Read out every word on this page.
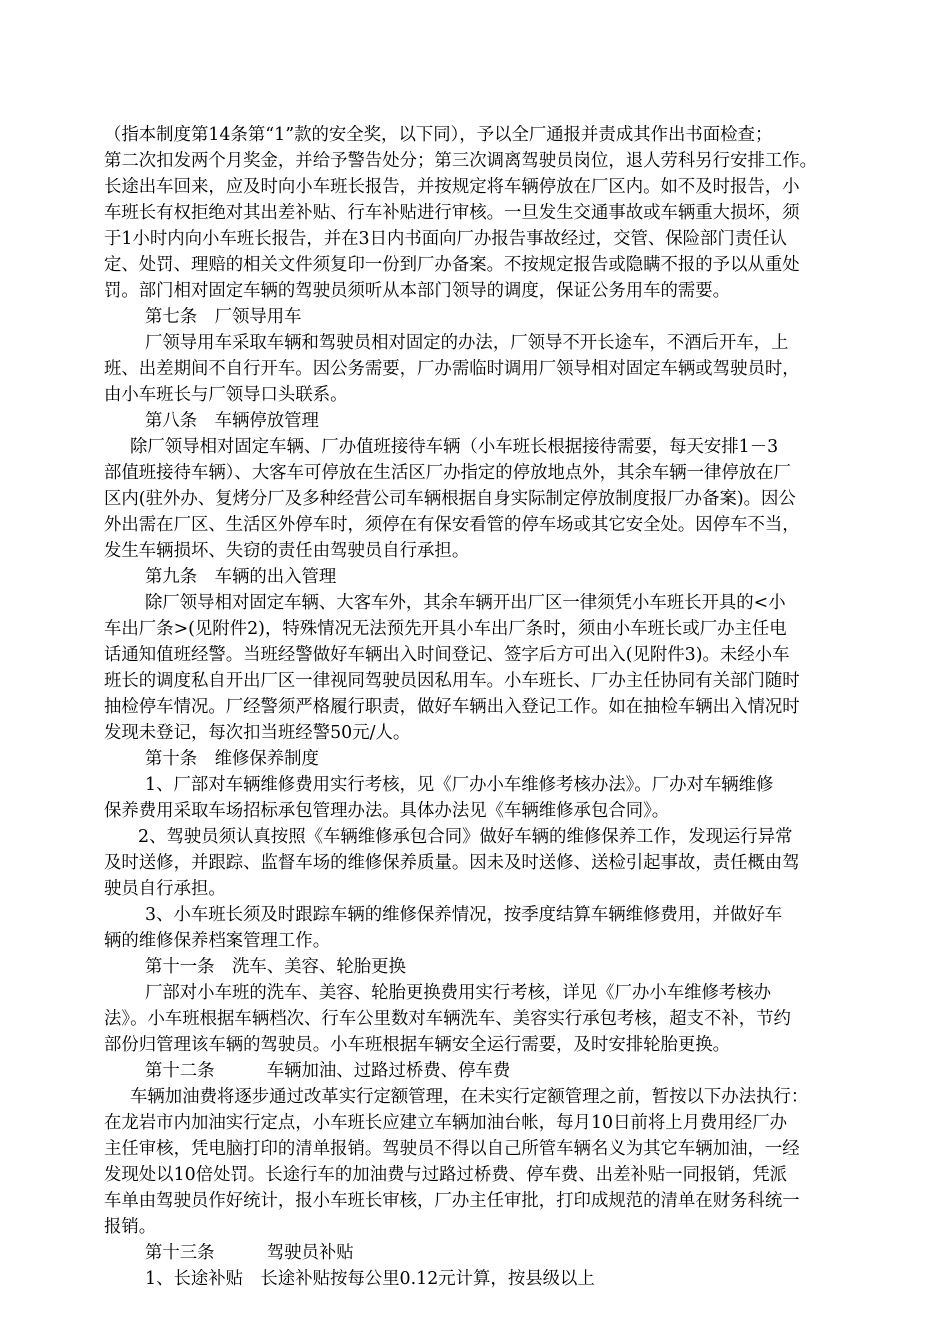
（指本制度第14条第“1”款的安全奖，以下同），予以全厂通报并责成其作出书面检查；
第二次扣发两个月奖金，并给予警告处分；第三次调离驾驶员岗位，退人劳科另行安排工作。
长途出车回来，应及时向小车班长报告，并按规定将车辆停放在厂区内。如不及时报告，小
车班长有权拒绝对其出差补贴、行车补贴进行审核。一旦发生交通事故或车辆重大损坏，须
于1小时内向小车班长报告，并在3日内书面向厂办报告事故经过，交管、保险部门责任认
定、处罚、理赔的相关文件须复印一份到厂办备案。不按规定报告或隐瞒不报的予以从重处
罚。部门相对固定车辆的驾驶员须听从本部门领导的调度，保证公务用车的需要。
第七条　厂领导用车
厂领导用车采取车辆和驾驶员相对固定的办法，厂领导不开长途车，不酒后开车，上
班、出差期间不自行开车。因公务需要，厂办需临时调用厂领导相对固定车辆或驾驶员时，
由小车班长与厂领导口头联系。
第八条　车辆停放管理
除厂领导相对固定车辆、厂办值班接待车辆（小车班长根据接待需要，每天安排1－3
部值班接待车辆）、大客车可停放在生活区厂办指定的停放地点外，其余车辆一律停放在厂
区内(驻外办、复烤分厂及多种经营公司车辆根据自身实际制定停放制度报厂办备案)。因公
外出需在厂区、生活区外停车时，须停在有保安看管的停车场或其它安全处。因停车不当，
发生车辆损坏、失窃的责任由驾驶员自行承担。
第九条　车辆的出入管理
除厂领导相对固定车辆、大客车外，其余车辆开出厂区一律须凭小车班长开具的<小
车出厂条>(见附件2)，特殊情况无法预先开具小车出厂条时，须由小车班长或厂办主任电
话通知值班经警。当班经警做好车辆出入时间登记、签字后方可出入(见附件3)。未经小车
班长的调度私自开出厂区一律视同驾驶员因私用车。小车班长、厂办主任协同有关部门随时
抽检停车情况。厂经警须严格履行职责，做好车辆出入登记工作。如在抽检车辆出入情况时
发现未登记，每次扣当班经警50元/人。
第十条　维修保养制度
1、厂部对车辆维修费用实行考核，见《厂办小车维修考核办法》。厂办对车辆维修
保养费用采取车场招标承包管理办法。具体办法见《车辆维修承包合同》。
2、驾驶员须认真按照《车辆维修承包合同》做好车辆的维修保养工作，发现运行异常
及时送修，并跟踪、监督车场的维修保养质量。因未及时送修、送检引起事故，责任概由驾
驶员自行承担。
3、小车班长须及时跟踪车辆的维修保养情况，按季度结算车辆维修费用，并做好车
辆的维修保养档案管理工作。
第十一条　洗车、美容、轮胎更换
厂部对小车班的洗车、美容、轮胎更换费用实行考核，详见《厂办小车维修考核办
法》。小车班根据车辆档次、行车公里数对车辆洗车、美容实行承包考核，超支不补，节约
部份归管理该车辆的驾驶员。小车班根据车辆安全运行需要，及时安排轮胎更换。
第十二条　　　车辆加油、过路过桥费、停车费
车辆加油费将逐步通过改革实行定额管理，在未实行定额管理之前，暂按以下办法执行：
在龙岩市内加油实行定点，小车班长应建立车辆加油台帐，每月10日前将上月费用经厂办
主任审核，凭电脑打印的清单报销。驾驶员不得以自己所管车辆名义为其它车辆加油，一经
发现处以10倍处罚。长途行车的加油费与过路过桥费、停车费、出差补贴一同报销，凭派
车单由驾驶员作好统计，报小车班长审核，厂办主任审批，打印成规范的清单在财务科统一
报销。
第十三条　　　驾驶员补贴
1、长途补贴　长途补贴按每公里0.12元计算，按县级以上
